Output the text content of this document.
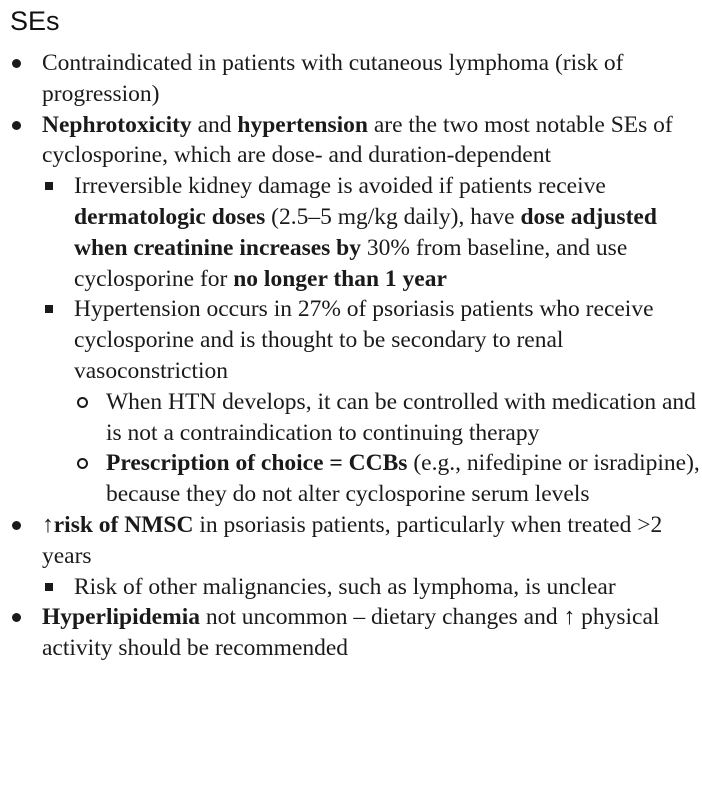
SEs

Contraindicated in patients with cutaneous lymphoma (risk of progression)

Nephrotoxicity and hypertension are the two most notable SEs of cyclosporine, which are dose- and duration-dependent

Irreversible kidney damage is avoided if patients receive dermatologic doses (2.5–5 mg/kg daily), have dose adjusted when creatinine increases by 30% from baseline, and use cyclosporine for no longer than 1 year

Hypertension occurs in 27% of psoriasis patients who receive cyclosporine and is thought to be secondary to renal vasoconstriction

When HTN develops, it can be controlled with medication and is not a contraindication to continuing therapy

Prescription of choice = CCBs (e.g., nifedipine or isradipine), because they do not alter cyclosporine serum levels

↑risk of NMSC in psoriasis patients, particularly when treated >2 years

Risk of other malignancies, such as lymphoma, is unclear

Hyperlipidemia not uncommon – dietary changes and ↑ physical activity should be recommended
